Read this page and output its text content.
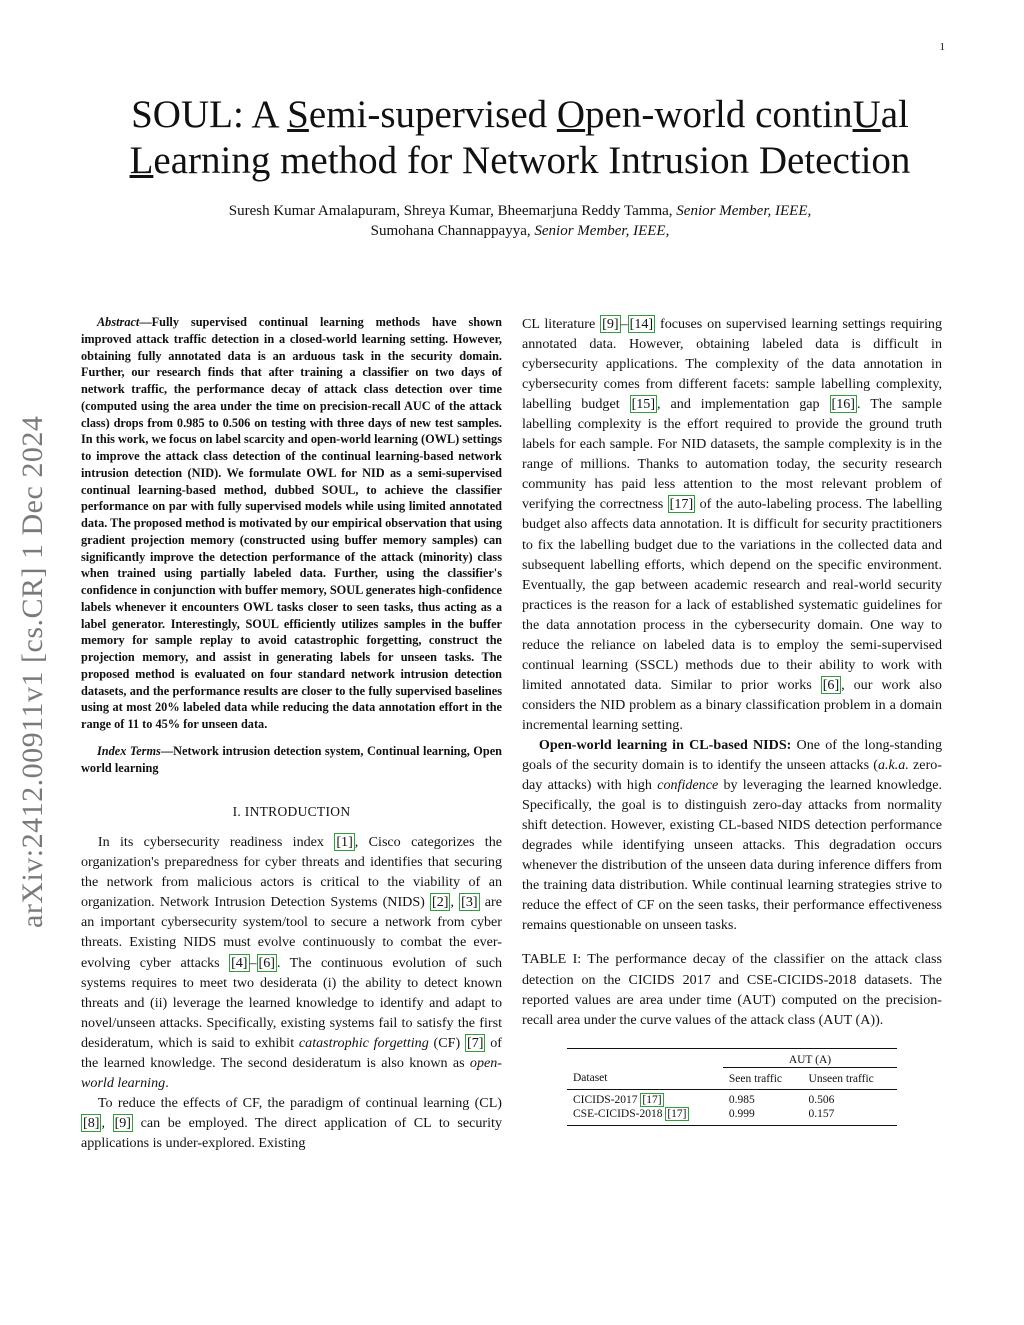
1
arXiv:2412.00911v1 [cs.CR] 1 Dec 2024
SOUL: A Semi-supervised Open-world continUal
Learning method for Network Intrusion Detection
Suresh Kumar Amalapuram, Shreya Kumar, Bheemarjuna Reddy Tamma, Senior Member, IEEE,
Sumohana Channappayya, Senior Member, IEEE,

Abstract—Fully supervised continual learning methods have shown improved attack traffic detection in a closed-world learning setting. However, obtaining fully annotated data is an arduous task in the security domain. Further, our research finds that after training a classifier on two days of network traffic, the performance decay of attack class detection over time (computed using the area under the time on precision-recall AUC of the attack class) drops from 0.985 to 0.506 on testing with three days of new test samples. In this work, we focus on label scarcity and open-world learning (OWL) settings to improve the attack class detection of the continual learning-based network intrusion detection (NID). We formulate OWL for NID as a semi-supervised continual learning-based method, dubbed SOUL, to achieve the classifier performance on par with fully supervised models while using limited annotated data. The proposed method is motivated by our empirical observation that using gradient projection memory (constructed using buffer memory samples) can significantly improve the detection performance of the attack (minority) class when trained using partially labeled data. Further, using the classifier's confidence in conjunction with buffer memory, SOUL generates high-confidence labels whenever it encounters OWL tasks closer to seen tasks, thus acting as a label generator. Interestingly, SOUL efficiently utilizes samples in the buffer memory for sample replay to avoid catastrophic forgetting, construct the projection memory, and assist in generating labels for unseen tasks. The proposed method is evaluated on four standard network intrusion detection datasets, and the performance results are closer to the fully supervised baselines using at most 20% labeled data while reducing the data annotation effort in the range of 11 to 45% for unseen data.

Index Terms—Network intrusion detection system, Continual learning, Open world learning

I. INTRODUCTION

In its cybersecurity readiness index [1] , Cisco categorizes the organization's preparedness for cyber threats and identifies that securing the network from malicious actors is critical to the viability of an organization. Network Intrusion Detection Systems (NIDS) [2] , [3] are an important cybersecurity system/tool to secure a network from cyber threats. Existing NIDS must evolve continuously to combat the ever-evolving cyber attacks [4] – [6] . The continuous evolution of such systems requires to meet two desiderata (i) the ability to detect known threats and (ii) leverage the learned knowledge to identify and adapt to novel/unseen attacks. Specifically, existing systems fail to satisfy the first desideratum, which is said to exhibit catastrophic forgetting (CF) [7] of the learned knowledge. The second desideratum is also known as open-world learning.

To reduce the effects of CF, the paradigm of continual learning (CL) [8] , [9] can be employed. The direct application of CL to security applications is under-explored. Existing

CL literature [9] – [14] focuses on supervised learning settings requiring annotated data. However, obtaining labeled data is difficult in cybersecurity applications. The complexity of the data annotation in cybersecurity comes from different facets: sample labelling complexity, labelling budget [15] , and implementation gap [16] . The sample labelling complexity is the effort required to provide the ground truth labels for each sample. For NID datasets, the sample complexity is in the range of millions. Thanks to automation today, the security research community has paid less attention to the most relevant problem of verifying the correctness [17] of the auto-labeling process. The labelling budget also affects data annotation. It is difficult for security practitioners to fix the labelling budget due to the variations in the collected data and subsequent labelling efforts, which depend on the specific environment. Eventually, the gap between academic research and real-world security practices is the reason for a lack of established systematic guidelines for the data annotation process in the cybersecurity domain. One way to reduce the reliance on labeled data is to employ the semi-supervised continual learning (SSCL) methods due to their ability to work with limited annotated data. Similar to prior works [6] , our work also considers the NID problem as a binary classification problem in a domain incremental learning setting.

Open-world learning in CL-based NIDS: One of the long-standing goals of the security domain is to identify the unseen attacks (a.k.a. zero-day attacks) with high confidence by leveraging the learned knowledge. Specifically, the goal is to distinguish zero-day attacks from normality shift detection. However, existing CL-based NIDS detection performance degrades while identifying unseen attacks. This degradation occurs whenever the distribution of the unseen data during inference differs from the training data distribution. While continual learning strategies strive to reduce the effect of CF on the seen tasks, their performance effectiveness remains questionable on unseen tasks.

TABLE I: The performance decay of the classifier on the attack class detection on the CICIDS 2017 and CSE-CICIDS-2018 datasets. The reported values are area under time (AUT) computed on the precision-recall area under the curve values of the attack class (AUT (A)).
	AUT (A)	
Dataset	Seen traffic	Unseen traffic
CICIDS-2017 [17]	0.985	0.506
CSE-CICIDS-2018 [17]	0.999	0.157
